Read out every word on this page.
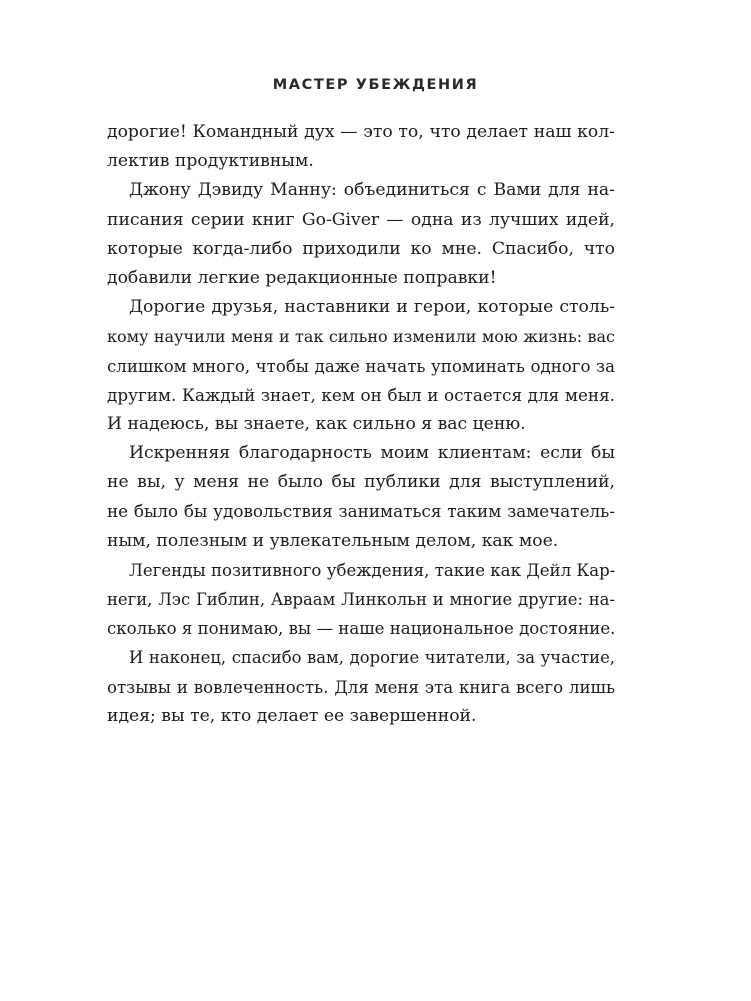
МАСТЕР УБЕЖДЕНИЯ
дорогие! Командный дух — это то, что делает наш кол-
лектив продуктивным.
Джону Дэвиду Манну: объединиться с Вами для на-
писания серии книг Go-Giver — одна из лучших идей,
которые когда-либо приходили ко мне. Спасибо, что
добавили легкие редакционные поправки!
Дорогие друзья, наставники и герои, которые столь-
кому научили меня и так сильно изменили мою жизнь: вас
слишком много, чтобы даже начать упоминать одного за
другим. Каждый знает, кем он был и остается для меня.
И надеюсь, вы знаете, как сильно я вас ценю.
Искренняя благодарность моим клиентам: если бы
не вы, у меня не было бы публики для выступлений,
не было бы удовольствия заниматься таким замечатель-
ным, полезным и увлекательным делом, как мое.
Легенды позитивного убеждения, такие как Дейл Кар-
неги, Лэс Гиблин, Авраам Линкольн и многие другие: на-
сколько я понимаю, вы — наше национальное достояние.
И наконец, спасибо вам, дорогие читатели, за участие,
отзывы и вовлеченность. Для меня эта книга всего лишь
идея; вы те, кто делает ее завершенной.
